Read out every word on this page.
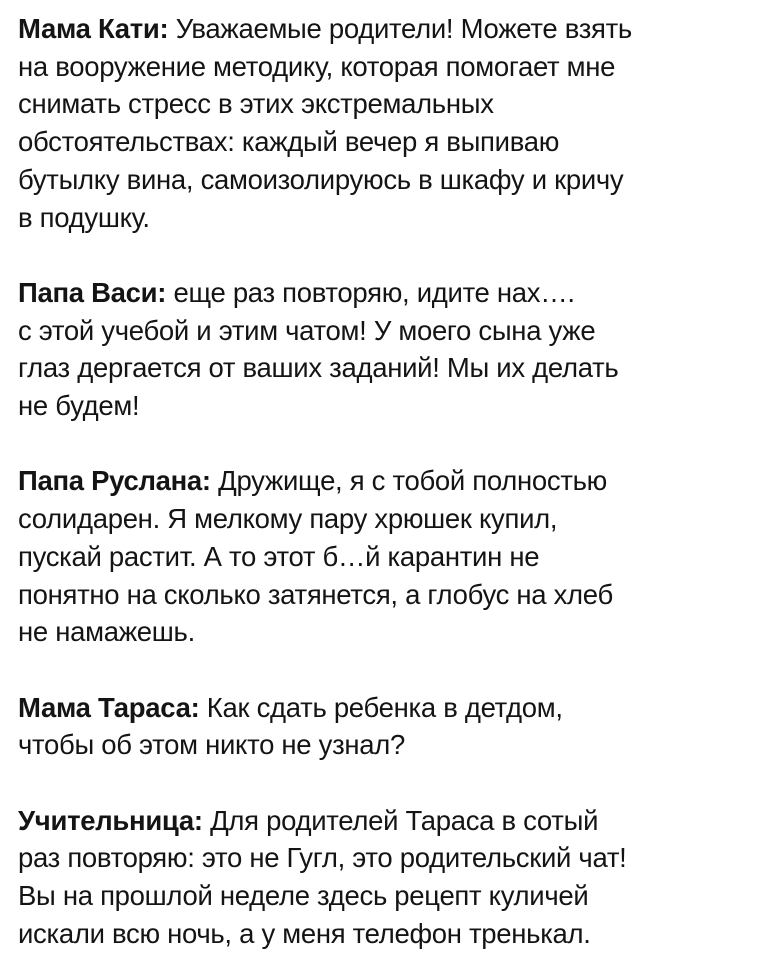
Мама Кати: Уважаемые родители! Можете взять
на вооружение методику, которая помогает мне
снимать стресс в этих экстремальных
обстоятельствах: каждый вечер я выпиваю
бутылку вина, самоизолируюсь в шкафу и кричу
в подушку.

Папа Васи: еще раз повторяю, идите нах….
с этой учебой и этим чатом! У моего сына уже
глаз дергается от ваших заданий! Мы их делать
не будем!

Папа Руслана: Дружище, я с тобой полностью
солидарен. Я мелкому пару хрюшек купил,
пускай растит. А то этот б…й карантин не
понятно на сколько затянется, а глобус на хлеб
не намажешь.

Мама Тараса: Как сдать ребенка в детдом,
чтобы об этом никто не узнал?

Учительница: Для родителей Тараса в сотый
раз повторяю: это не Гугл, это родительский чат!
Вы на прошлой неделе здесь рецепт куличей
искали всю ночь, а у меня телефон тренькал.
